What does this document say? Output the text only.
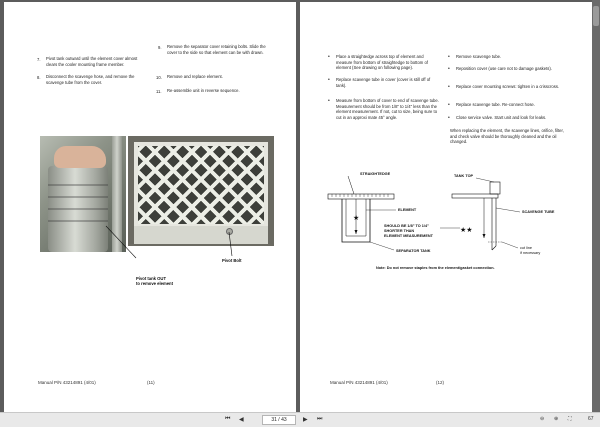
7. Pivot tank outward until the element cover almost clears the cooler mounting frame member.
8. Disconnect the scavenge hose, and remove the scavenge tube from the cover.
9. Remove the separator cover retaining bolts. Slide the cover to the side so that element can be with drawn.
10. Remove and replace element.
11. Re-assemble unit in reverse sequence.
Pivot Bolt
Pivot tank OUT
to remove element
Manual P/N 43214891 (4/01)	(11)
• Place a straightedge across top of element and measure from bottom of straightedge to bottom of element (See drawing on following page).
• Replace scavenge tube in cover (cover is still off of tank).
• Measure from bottom of cover to end of scavenge tube. Measurement should be from 1/8" to 1/4" less than the element measurement. If not, cut to size, being sure to cut in an approxi mate 45° angle.
• Remove scavenge tube.
• Reposition cover (use care not to damage gaskets).
• Replace cover mounting screws: tighten in a crisscross.
• Replace scavenge tube. Re-connect hose.
• Close service valve. Start unit and look for leaks.
When replacing the element, the scavenge lines, orifice, filter, and check valve should be thoroughly cleaned and the oil changed.
★
★★
STRAIGHTEDGE
ELEMENT
SHOULD BE 1/8" TO 1/4"
SHORTER THAN
ELEMENT MEASUREMENT
SEPARATOR TANK
TANK TOP
SCAVENGE TUBE
cut line
if necessary
Note: Do not remove staples from the element/gasket connection.
Manual P/N 43214891 (4/01)	(12)
⏮ ◀	31 / 43	▶ ⏭	⊖ ⊕ ⛶	67
